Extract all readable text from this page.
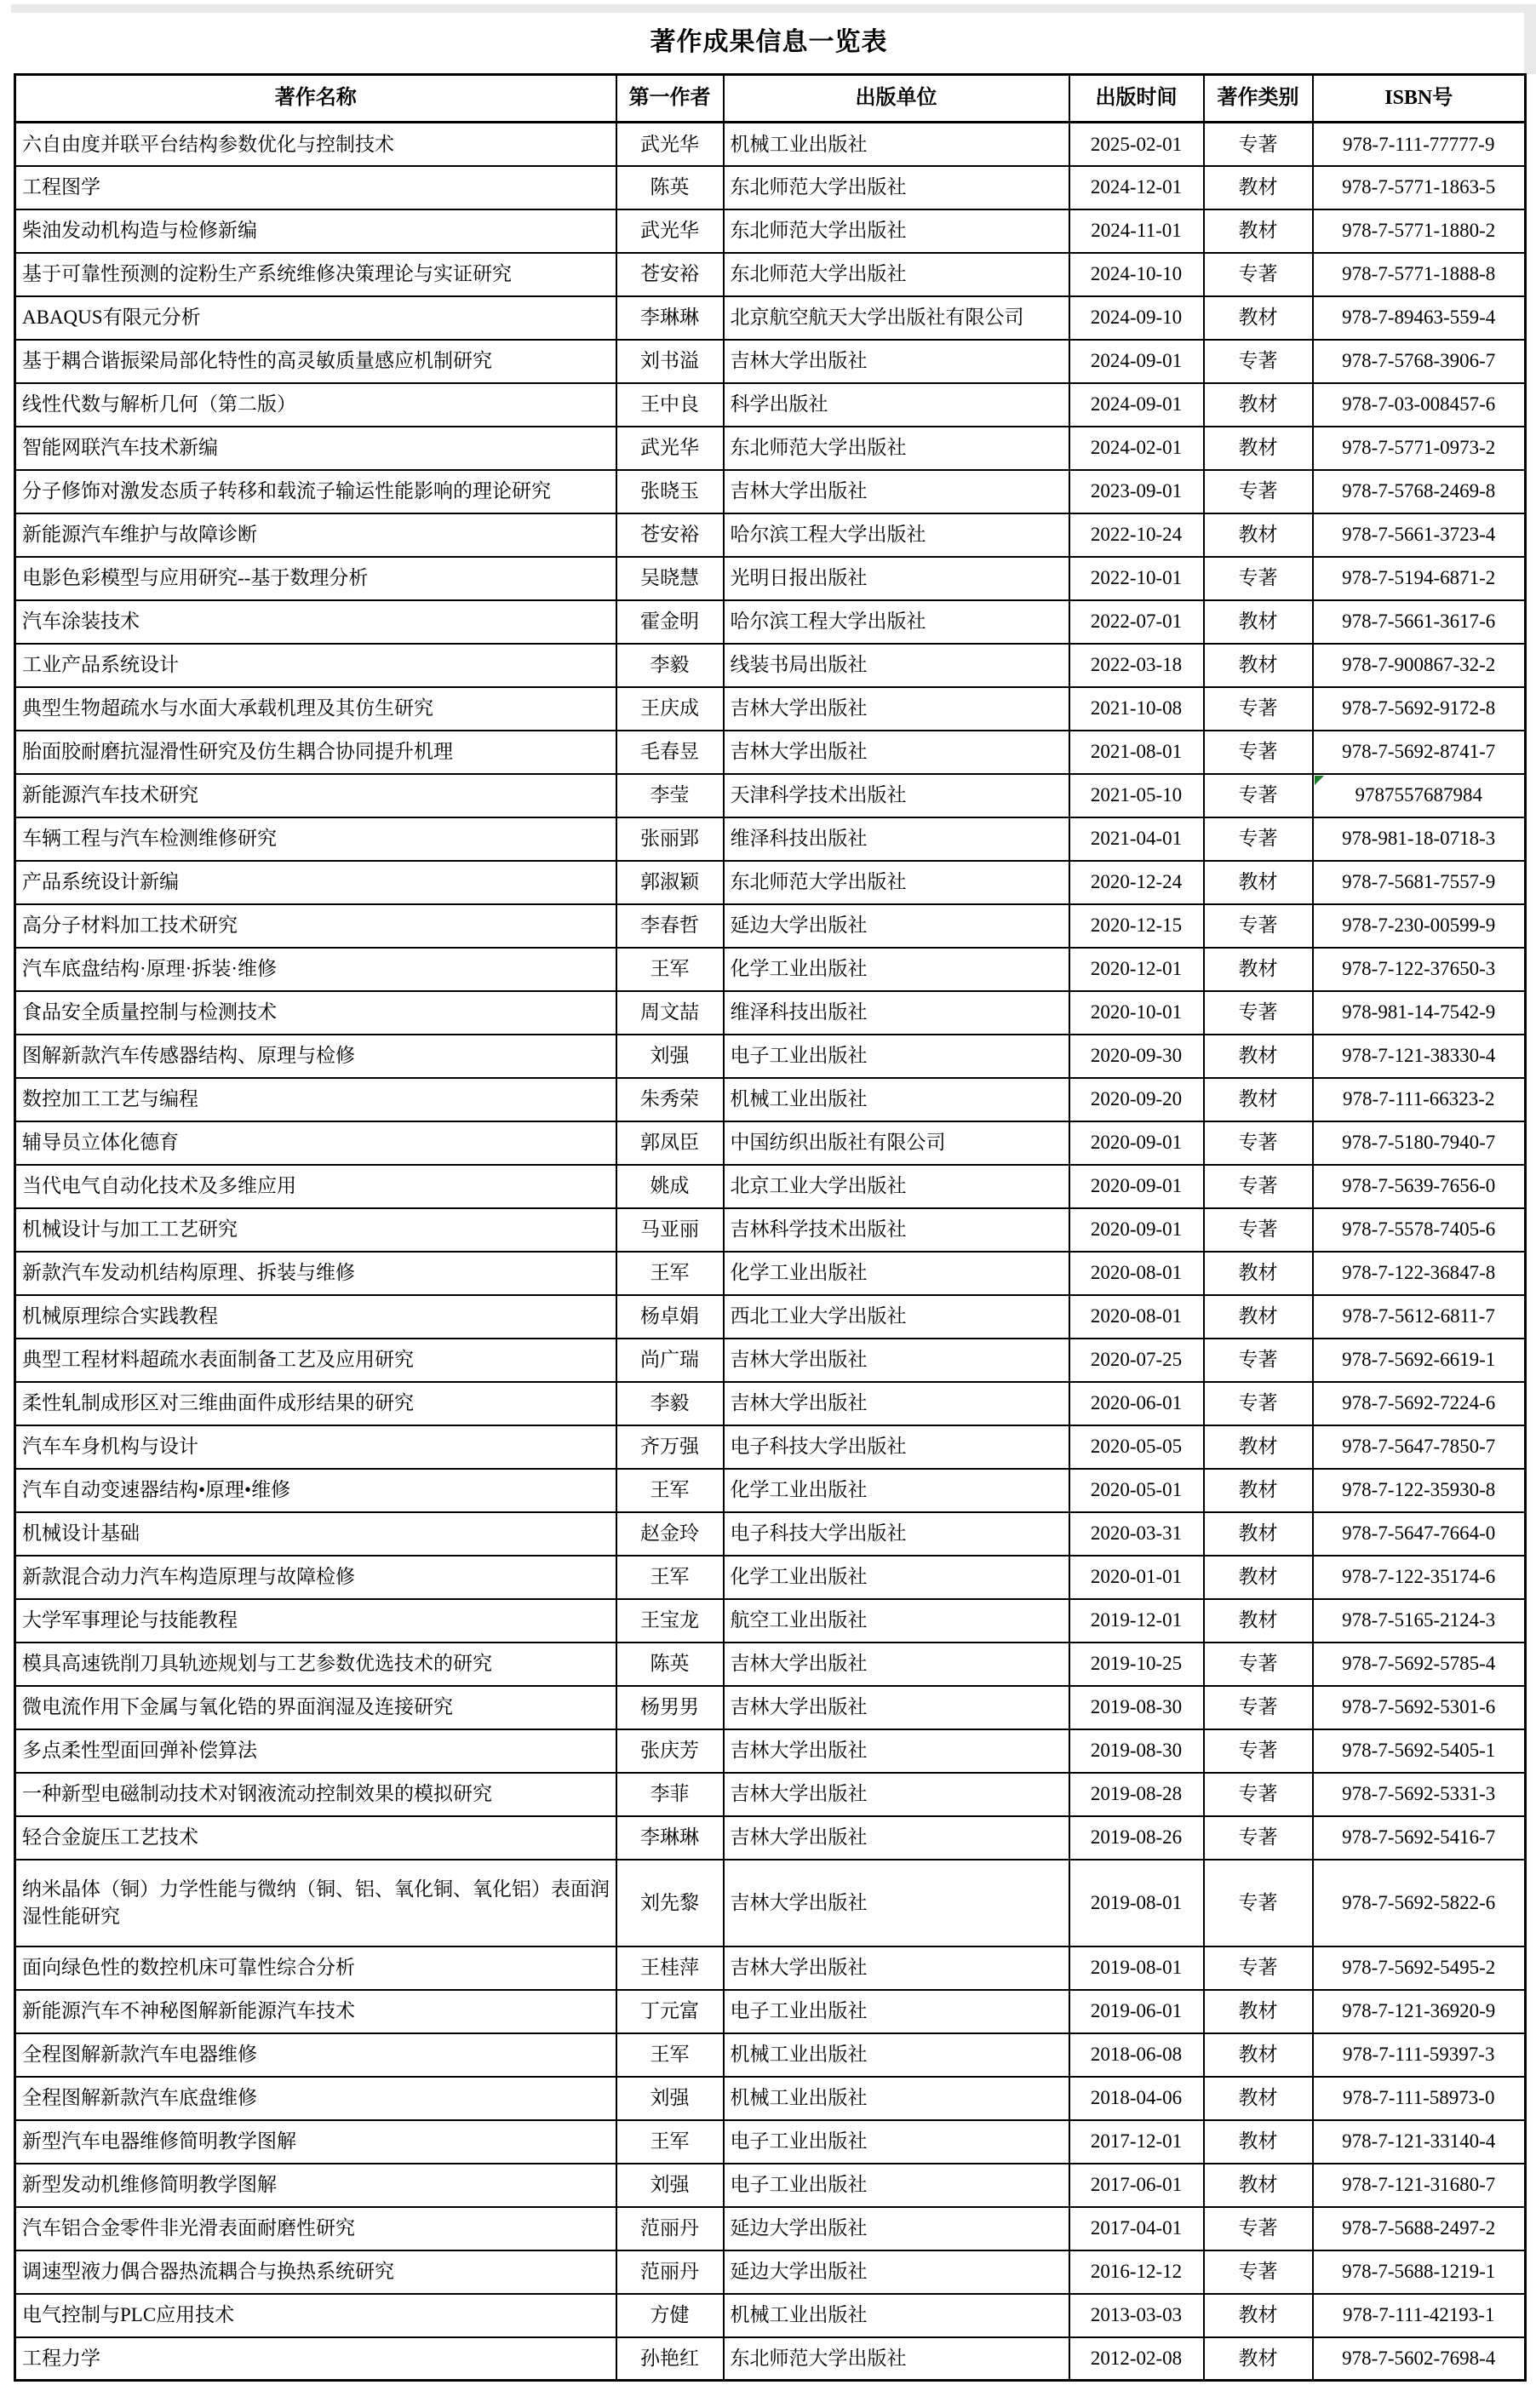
著作成果信息一览表
著作名称	第一作者	出版单位	出版时间	著作类别	ISBN号
六自由度并联平台结构参数优化与控制技术	武光华	机械工业出版社	2025-02-01	专著	978-7-111-77777-9
工程图学	陈英	东北师范大学出版社	2024-12-01	教材	978-7-5771-1863-5
柴油发动机构造与检修新编	武光华	东北师范大学出版社	2024-11-01	教材	978-7-5771-1880-2
基于可靠性预测的淀粉生产系统维修决策理论与实证研究	苍安裕	东北师范大学出版社	2024-10-10	专著	978-7-5771-1888-8
ABAQUS有限元分析	李琳琳	北京航空航天大学出版社有限公司	2024-09-10	教材	978-7-89463-559-4
基于耦合谐振梁局部化特性的高灵敏质量感应机制研究	刘书溢	吉林大学出版社	2024-09-01	专著	978-7-5768-3906-7
线性代数与解析几何（第二版）	王中良	科学出版社	2024-09-01	教材	978-7-03-008457-6
智能网联汽车技术新编	武光华	东北师范大学出版社	2024-02-01	教材	978-7-5771-0973-2
分子修饰对激发态质子转移和载流子输运性能影响的理论研究	张晓玉	吉林大学出版社	2023-09-01	专著	978-7-5768-2469-8
新能源汽车维护与故障诊断	苍安裕	哈尔滨工程大学出版社	2022-10-24	教材	978-7-5661-3723-4
电影色彩模型与应用研究--基于数理分析	吴晓慧	光明日报出版社	2022-10-01	专著	978-7-5194-6871-2
汽车涂装技术	霍金明	哈尔滨工程大学出版社	2022-07-01	教材	978-7-5661-3617-6
工业产品系统设计	李毅	线装书局出版社	2022-03-18	教材	978-7-900867-32-2
典型生物超疏水与水面大承载机理及其仿生研究	王庆成	吉林大学出版社	2021-10-08	专著	978-7-5692-9172-8
胎面胶耐磨抗湿滑性研究及仿生耦合协同提升机理	毛春昱	吉林大学出版社	2021-08-01	专著	978-7-5692-8741-7
新能源汽车技术研究	李莹	天津科学技术出版社	2021-05-10	专著	9787557687984

车辆工程与汽车检测维修研究	张丽郢	维泽科技出版社	2021-04-01	专著	978-981-18-0718-3
产品系统设计新编	郭淑颖	东北师范大学出版社	2020-12-24	教材	978-7-5681-7557-9
高分子材料加工技术研究	李春哲	延边大学出版社	2020-12-15	专著	978-7-230-00599-9
汽车底盘结构·原理·拆装·维修	王军	化学工业出版社	2020-12-01	教材	978-7-122-37650-3
食品安全质量控制与检测技术	周文喆	维泽科技出版社	2020-10-01	专著	978-981-14-7542-9
图解新款汽车传感器结构、原理与检修	刘强	电子工业出版社	2020-09-30	教材	978-7-121-38330-4
数控加工工艺与编程	朱秀荣	机械工业出版社	2020-09-20	教材	978-7-111-66323-2
辅导员立体化德育	郭凤臣	中国纺织出版社有限公司	2020-09-01	专著	978-7-5180-7940-7
当代电气自动化技术及多维应用	姚成	北京工业大学出版社	2020-09-01	专著	978-7-5639-7656-0
机械设计与加工工艺研究	马亚丽	吉林科学技术出版社	2020-09-01	专著	978-7-5578-7405-6
新款汽车发动机结构原理、拆装与维修	王军	化学工业出版社	2020-08-01	教材	978-7-122-36847-8
机械原理综合实践教程	杨卓娟	西北工业大学出版社	2020-08-01	教材	978-7-5612-6811-7
典型工程材料超疏水表面制备工艺及应用研究	尚广瑞	吉林大学出版社	2020-07-25	专著	978-7-5692-6619-1
柔性轧制成形区对三维曲面件成形结果的研究	李毅	吉林大学出版社	2020-06-01	专著	978-7-5692-7224-6
汽车车身机构与设计	齐万强	电子科技大学出版社	2020-05-05	教材	978-7-5647-7850-7
汽车自动变速器结构•原理•维修	王军	化学工业出版社	2020-05-01	教材	978-7-122-35930-8
机械设计基础	赵金玲	电子科技大学出版社	2020-03-31	教材	978-7-5647-7664-0
新款混合动力汽车构造原理与故障检修	王军	化学工业出版社	2020-01-01	教材	978-7-122-35174-6
大学军事理论与技能教程	王宝龙	航空工业出版社	2019-12-01	教材	978-7-5165-2124-3
模具高速铣削刀具轨迹规划与工艺参数优选技术的研究	陈英	吉林大学出版社	2019-10-25	专著	978-7-5692-5785-4
微电流作用下金属与氧化锆的界面润湿及连接研究	杨男男	吉林大学出版社	2019-08-30	专著	978-7-5692-5301-6
多点柔性型面回弹补偿算法	张庆芳	吉林大学出版社	2019-08-30	专著	978-7-5692-5405-1
一种新型电磁制动技术对钢液流动控制效果的模拟研究	李菲	吉林大学出版社	2019-08-28	专著	978-7-5692-5331-3
轻合金旋压工艺技术	李琳琳	吉林大学出版社	2019-08-26	专著	978-7-5692-5416-7
纳米晶体（铜）力学性能与微纳（铜、铝、氧化铜、氧化铝）表面润湿性能研究	刘先黎	吉林大学出版社	2019-08-01	专著	978-7-5692-5822-6
面向绿色性的数控机床可靠性综合分析	王桂萍	吉林大学出版社	2019-08-01	专著	978-7-5692-5495-2
新能源汽车不神秘图解新能源汽车技术	丁元富	电子工业出版社	2019-06-01	教材	978-7-121-36920-9
全程图解新款汽车电器维修	王军	机械工业出版社	2018-06-08	教材	978-7-111-59397-3
全程图解新款汽车底盘维修	刘强	机械工业出版社	2018-04-06	教材	978-7-111-58973-0
新型汽车电器维修简明教学图解	王军	电子工业出版社	2017-12-01	教材	978-7-121-33140-4
新型发动机维修简明教学图解	刘强	电子工业出版社	2017-06-01	教材	978-7-121-31680-7
汽车铝合金零件非光滑表面耐磨性研究	范丽丹	延边大学出版社	2017-04-01	专著	978-7-5688-2497-2
调速型液力偶合器热流耦合与换热系统研究	范丽丹	延边大学出版社	2016-12-12	专著	978-7-5688-1219-1
电气控制与PLC应用技术	方健	机械工业出版社	2013-03-03	教材	978-7-111-42193-1
工程力学	孙艳红	东北师范大学出版社	2012-02-08	教材	978-7-5602-7698-4
